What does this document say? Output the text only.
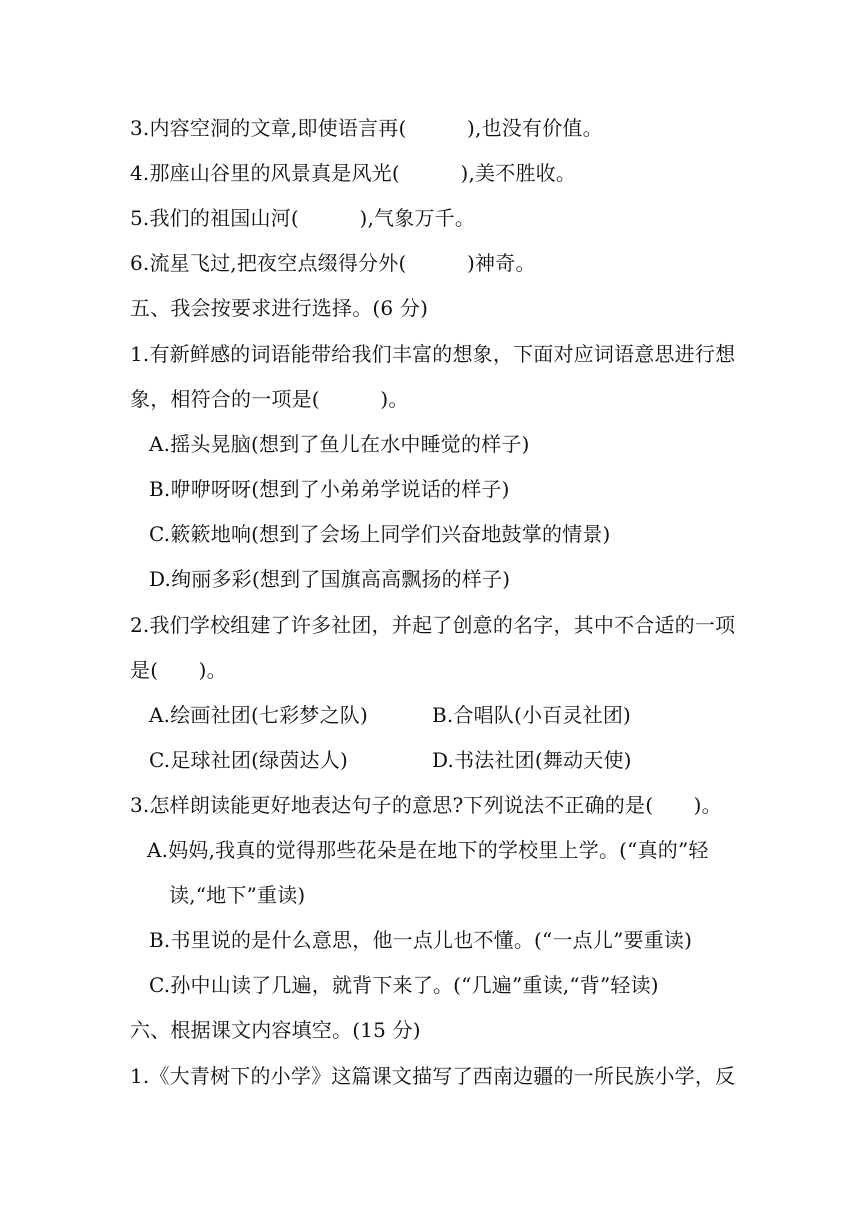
3.内容空洞的文章,即使语言再(　　　),也没有价值。
4.那座山谷里的风景真是风光(　　　),美不胜收。
5.我们的祖国山河(　　　),气象万千。
6.流星飞过,把夜空点缀得分外(　　　)神奇。
五、我会按要求进行选择。(6 分)
1.有新鲜感的词语能带给我们丰富的想象，下面对应词语意思进行想
象，相符合的一项是(　　　)。
A.摇头晃脑(想到了鱼儿在水中睡觉的样子)
B.咿咿呀呀(想到了小弟弟学说话的样子)
C.簌簌地响(想到了会场上同学们兴奋地鼓掌的情景)
D.绚丽多彩(想到了国旗高高飘扬的样子)
2.我们学校组建了许多社团，并起了创意的名字，其中不合适的一项
是(　　)。
A.绘画社团(七彩梦之队)	B.合唱队(小百灵社团)
C.足球社团(绿茵达人)	D.书法社团(舞动天使)
3.怎样朗读能更好地表达句子的意思?下列说法不正确的是(　　)。
A.妈妈,我真的觉得那些花朵是在地下的学校里上学。(“真的”轻
读,“地下”重读)
B.书里说的是什么意思，他一点儿也不懂。(“一点儿”要重读)
C.孙中山读了几遍，就背下来了。(“几遍”重读,“背”轻读)
六、根据课文内容填空。(15 分)
1.《大青树下的小学》这篇课文描写了西南边疆的一所民族小学，反
